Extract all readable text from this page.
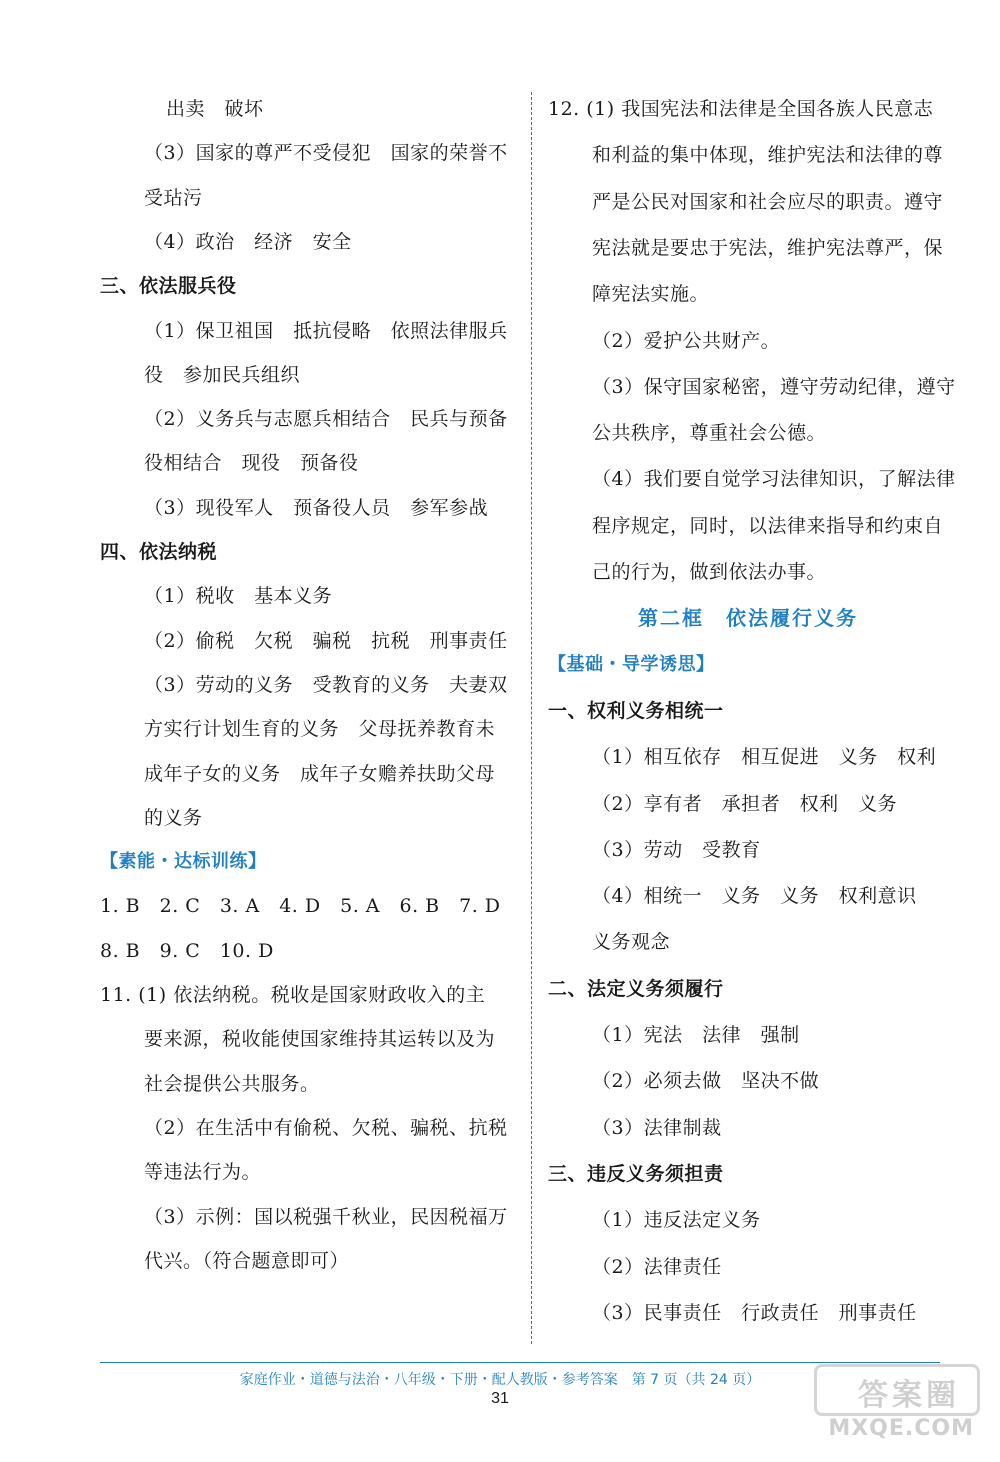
出卖　破坏
（3）国家的尊严不受侵犯　国家的荣誉不
受玷污
（4）政治　经济　安全
三、依法服兵役
（1）保卫祖国　抵抗侵略　依照法律服兵
役　参加民兵组织
（2）义务兵与志愿兵相结合　民兵与预备
役相结合　现役　预备役
（3）现役军人　预备役人员　参军参战
四、依法纳税
（1）税收　基本义务
（2）偷税　欠税　骗税　抗税　刑事责任
（3）劳动的义务　受教育的义务　夫妻双
方实行计划生育的义务　父母抚养教育未
成年子女的义务　成年子女赡养扶助父母
的义务
【素能・达标训练】
1. B　2. C　3. A　4. D　5. A　6. B　7. D
8. B　9. C　10. D
11. (1) 依法纳税。税收是国家财政收入的主
要来源，税收能使国家维持其运转以及为
社会提供公共服务。
（2）在生活中有偷税、欠税、骗税、抗税
等违法行为。
（3）示例：国以税强千秋业，民因税福万
代兴。（符合题意即可）
12. (1) 我国宪法和法律是全国各族人民意志
和利益的集中体现，维护宪法和法律的尊
严是公民对国家和社会应尽的职责。遵守
宪法就是要忠于宪法，维护宪法尊严，保
障宪法实施。
（2）爱护公共财产。
（3）保守国家秘密，遵守劳动纪律，遵守
公共秩序，尊重社会公德。
（4）我们要自觉学习法律知识，了解法律
程序规定，同时，以法律来指导和约束自
己的行为，做到依法办事。
第二框　依法履行义务
【基础・导学诱思】
一、权利义务相统一
（1）相互依存　相互促进　义务　权利
（2）享有者　承担者　权利　义务
（3）劳动　受教育
（4）相统一　义务　义务　权利意识
义务观念
二、法定义务须履行
（1）宪法　法律　强制
（2）必须去做　坚决不做
（3）法律制裁
三、违反义务须担责
（1）违反法定义务
（2）法律责任
（3）民事责任　行政责任　刑事责任
家庭作业・道德与法治・八年级・下册・配人教版・参考答案　第 7 页（共 24 页）
31	答案圈
MXQE.COM
